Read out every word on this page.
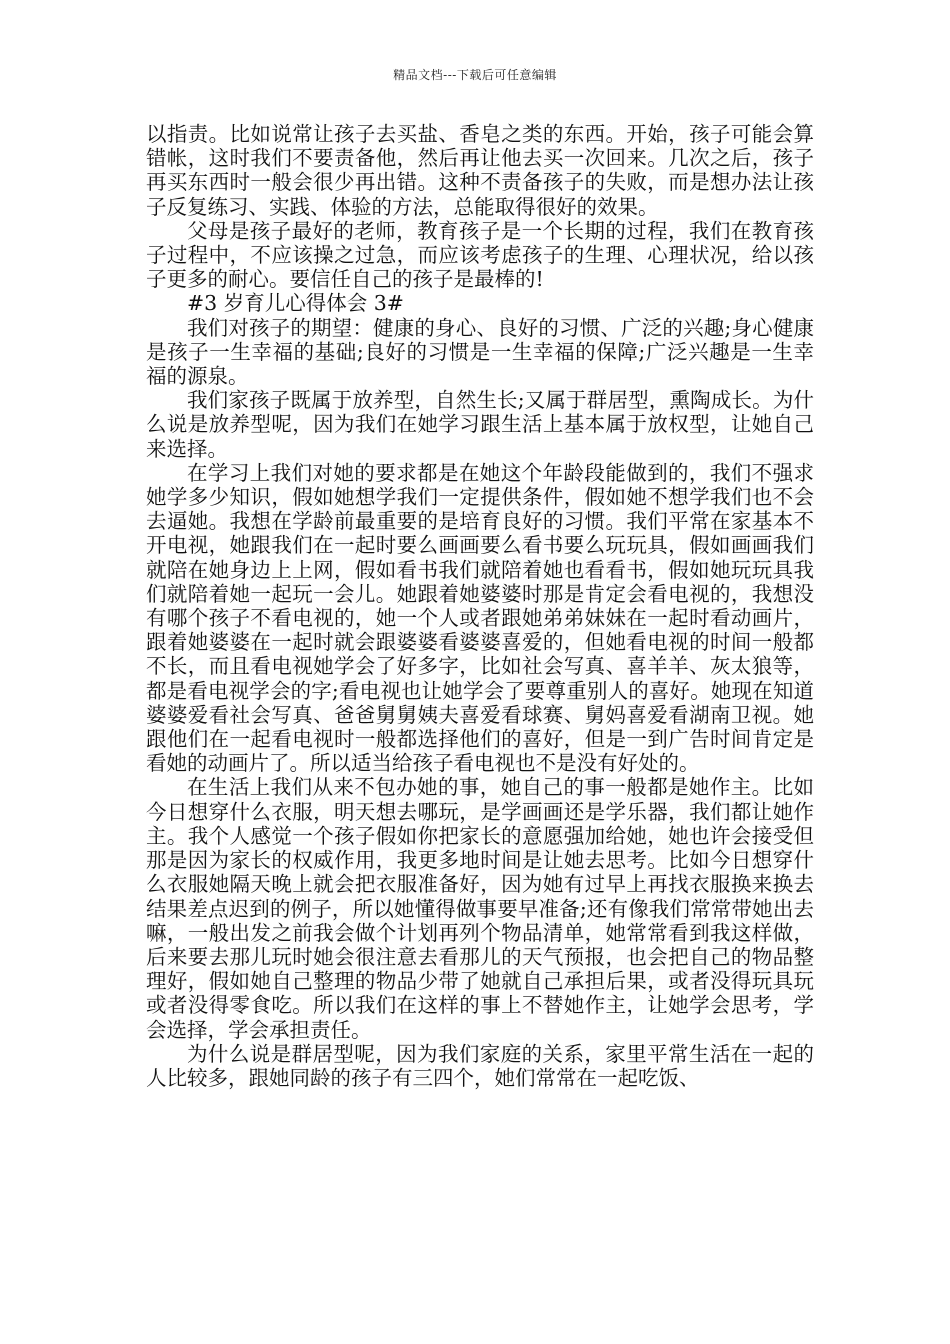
精品文档---下载后可任意编辑

以指责。比如说常让孩子去买盐、香皂之类的东西。开始，孩子可能会算错帐，这时我们不要责备他，然后再让他去买一次回来。几次之后，孩子再买东西时一般会很少再出错。这种不责备孩子的失败，而是想办法让孩子反复练习、实践、体验的方法，总能取得很好的效果。

父母是孩子最好的老师，教育孩子是一个长期的过程，我们在教育孩子过程中，不应该操之过急，而应该考虑孩子的生理、心理状况，给以孩子更多的耐心。要信任自己的孩子是最棒的!

#3 岁育儿心得体会 3#

我们对孩子的期望：健康的身心、良好的习惯、广泛的兴趣;身心健康是孩子一生幸福的基础;良好的习惯是一生幸福的保障;广泛兴趣是一生幸福的源泉。

我们家孩子既属于放养型，自然生长;又属于群居型，熏陶成长。为什么说是放养型呢，因为我们在她学习跟生活上基本属于放权型，让她自己来选择。

在学习上我们对她的要求都是在她这个年龄段能做到的，我们不强求她学多少知识，假如她想学我们一定提供条件，假如她不想学我们也不会去逼她。我想在学龄前最重要的是培育良好的习惯。我们平常在家基本不开电视，她跟我们在一起时要么画画要么看书要么玩玩具，假如画画我们就陪在她身边上上网，假如看书我们就陪着她也看看书，假如她玩玩具我们就陪着她一起玩一会儿。她跟着她婆婆时那是肯定会看电视的，我想没有哪个孩子不看电视的，她一个人或者跟她弟弟妹妹在一起时看动画片，跟着她婆婆在一起时就会跟婆婆看婆婆喜爱的，但她看电视的时间一般都不长，而且看电视她学会了好多字，比如社会写真、喜羊羊、灰太狼等，都是看电视学会的字;看电视也让她学会了要尊重别人的喜好。她现在知道婆婆爱看社会写真、爸爸舅舅姨夫喜爱看球赛、舅妈喜爱看湖南卫视。她跟他们在一起看电视时一般都选择他们的喜好，但是一到广告时间肯定是看她的动画片了。所以适当给孩子看电视也不是没有好处的。

在生活上我们从来不包办她的事，她自己的事一般都是她作主。比如今日想穿什么衣服，明天想去哪玩，是学画画还是学乐器，我们都让她作主。我个人感觉一个孩子假如你把家长的意愿强加给她，她也许会接受但那是因为家长的权威作用，我更多地时间是让她去思考。比如今日想穿什么衣服她隔天晚上就会把衣服准备好，因为她有过早上再找衣服换来换去结果差点迟到的例子，所以她懂得做事要早准备;还有像我们常常带她出去嘛，一般出发之前我会做个计划再列个物品清单，她常常看到我这样做，后来要去那儿玩时她会很注意去看那儿的天气预报，也会把自己的物品整理好，假如她自己整理的物品少带了她就自己承担后果，或者没得玩具玩或者没得零食吃。所以我们在这样的事上不替她作主，让她学会思考，学会选择，学会承担责任。

为什么说是群居型呢，因为我们家庭的关系，家里平常生活在一起的人比较多，跟她同龄的孩子有三四个，她们常常在一起吃饭、
